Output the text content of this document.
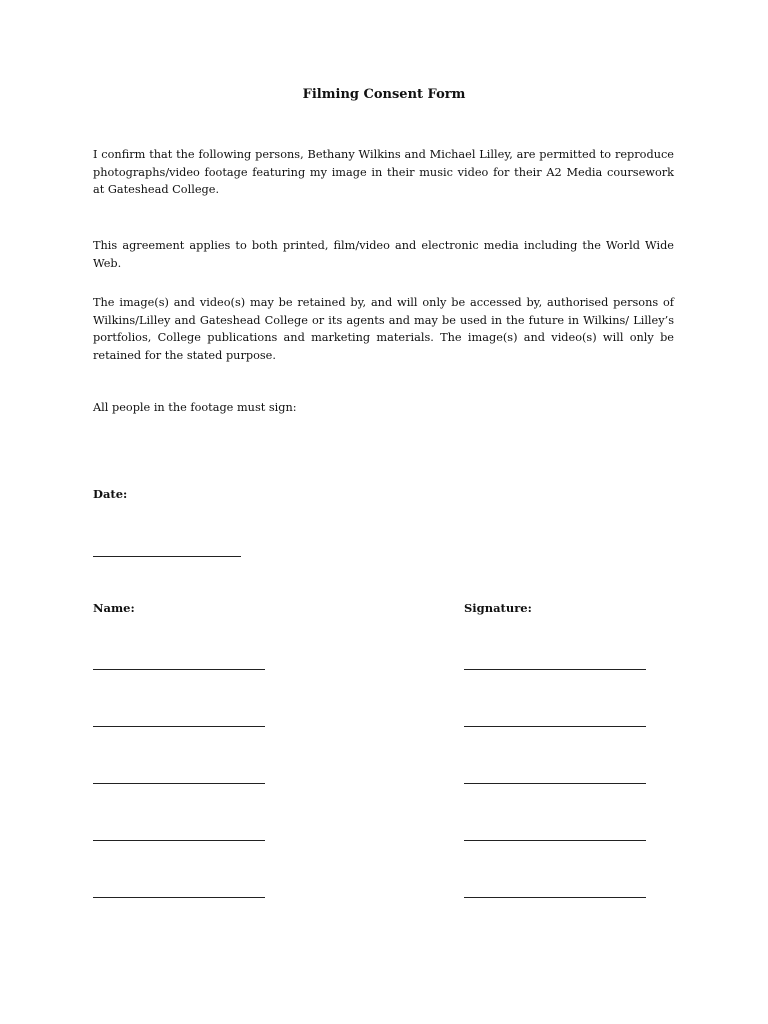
Filming Consent Form

I confirm that the following persons, Bethany Wilkins and Michael Lilley, are permitted to reproduce photographs/video footage featuring my image in their music video for their A2 Media coursework at Gateshead College.

This agreement applies to both printed, film/video and electronic media including the World Wide Web.

The image(s) and video(s) may be retained by, and will only be accessed by, authorised persons of Wilkins/Lilley and Gateshead College or its agents and may be used in the future in Wilkins/ Lilley’s portfolios, College publications and marketing materials. The image(s) and video(s) will only be retained for the stated purpose.

All people in the footage must sign:

Date:
Name:	Signature:
